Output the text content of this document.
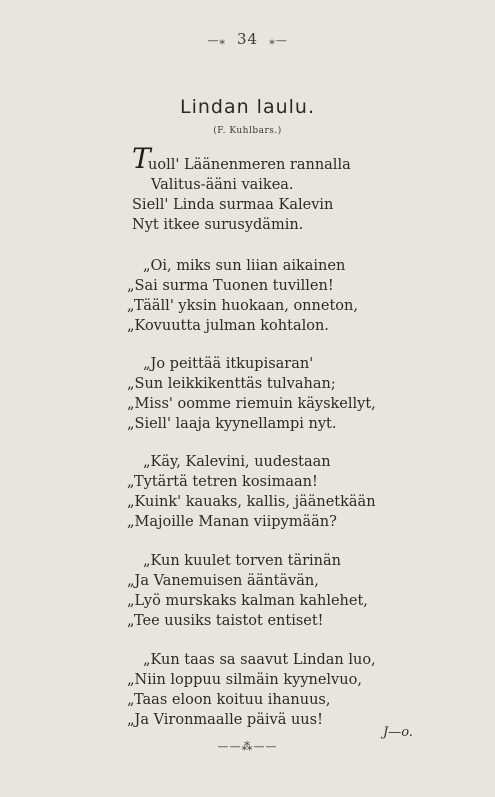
—⁎ 34 ⁎—
Lindan laulu.
(F. Kuhlbars.)
T
uoll' Läänenmeren rannalla
Valitus-ääni vaikea.
Siell' Linda surmaa Kalevin
Nyt itkee surusydämin.
„Oi, miks sun liian aikainen
„Sai surma Tuonen tuvillen!
„Tääll' yksin huokaan, onneton,
„Kovuutta julman kohtalon.
„Jo peittää itkupisaran'
„Sun leikkikenttäs tulvahan;
„Miss' oomme riemuin käyskellyt,
„Siell' laaja kyynellampi nyt.
„Käy, Kalevini, uudestaan
„Tytärtä tetren kosimaan!
„Kuink' kauaks, kallis, jäänetkään
„Majoille Manan viipymään?
„Kun kuulet torven tärinän
„Ja Vanemuisen ääntävän,
„Lyö murskaks kalman kahlehet,
„Tee uusiks taistot entiset!
„Kun taas sa saavut Lindan luo,
„Niin loppuu silmäin kyynelvuo,
„Taas eloon koituu ihanuus,
„Ja Vironmaalle päivä uus!
J—o.
——⁂——
